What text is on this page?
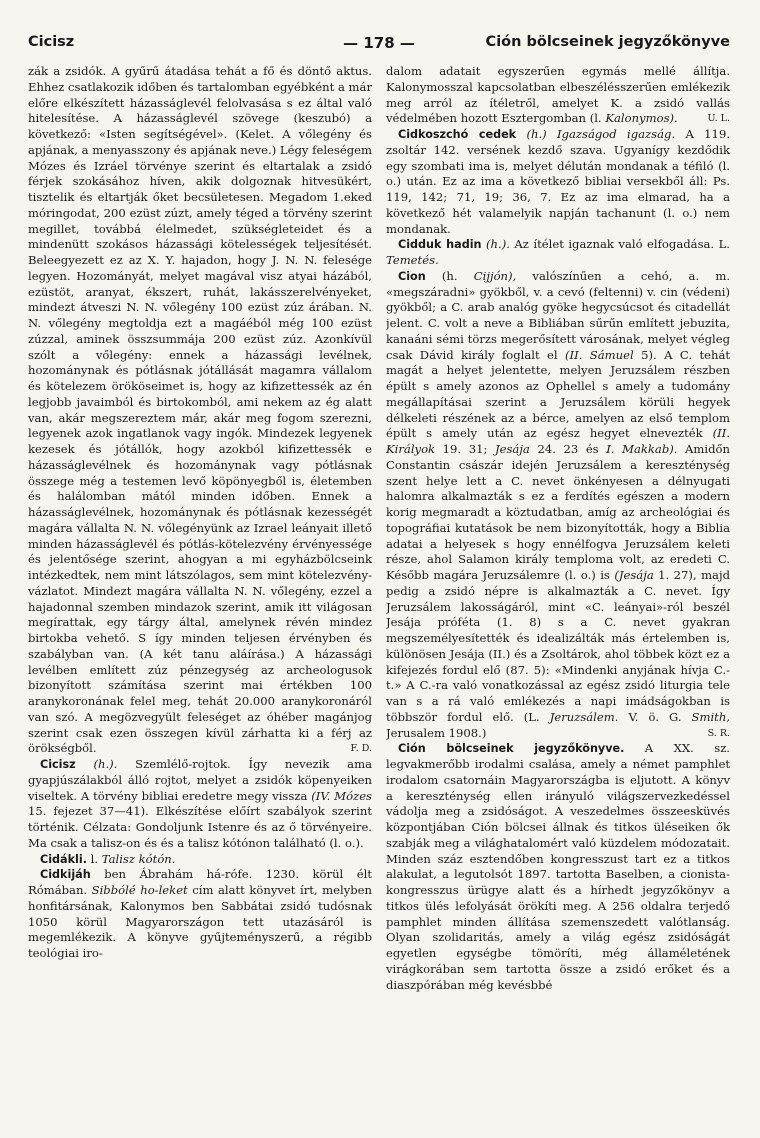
Cicisz	— 178 —	Ción bölcseinek jegyzőkönyve

zák a zsidók. A gyűrű átadása tehát a fő és döntő aktus. Ehhez csatlakozik időben és tartalomban egyébként a már előre elkészített házasságlevél felolvasása s ez által való hitelesítése. A házasságlevél szövege (keszubó) a következő: «Isten segítségével». (Kelet. A vőlegény és apjának, a menyasszony és apjának neve.) Légy feleségem Mózes és Izráel törvénye szerint és eltartalak a zsidó férjek szokásához híven, akik dolgoznak hitvesükért, tisztelik és eltartják őket becsületesen. Megadom 1.eked móringodat, 200 ezüst zúzt, amely téged a törvény szerint megillet, továbbá élelmedet, szükségleteidet és a mindenütt szokásos házassági kötelességek teljesítését. Beleegyezett ez az X. Y. hajadon, hogy J. N. N. felesége legyen. Hozományát, melyet magával visz atyai házából, ezüstöt, aranyat, ékszert, ruhát, lakásszerelvényeket, mindezt átveszi N. N. vőlegény 100 ezüst zúz árában. N. N. vőlegény megtoldja ezt a magáéból még 100 ezüst zúzzal, aminek összsummája 200 ezüst zúz. Azonkívül szólt a vőlegény: ennek a házassági levélnek, hozománynak és pótlásnak jótállását magamra vállalom és kötelezem örököseimet is, hogy az kifizettessék az én legjobb javaimból és birtokomból, ami nekem az ég alatt van, akár megszereztem már, akár meg fogom szerezni, legyenek azok ingatlanok vagy ingók. Mindezek legyenek kezesek és jótállók, hogy azokból kifizettessék e házasságlevélnek és hozománynak vagy pótlásnak összege még a testemen levő köpönyegből is, életemben és halálomban mától minden időben. Ennek a házasságlevélnek, hozománynak és pótlásnak kezességét magára vállalta N. N. vőlegényünk az Izrael leányait illető minden házasságlevél és pótlás-kötelezvény érvényessége és jelentősége szerint, ahogyan a mi egyházbölcseink intézkedtek, nem mint látszólagos, sem mint kötelezvény-vázlatot. Mindezt magára vállalta N. N. vőlegény, ezzel a hajadonnal szemben mindazok szerint, amik itt világosan megírattak, egy tárgy által, amelynek révén mindez birtokba vehető. S így minden teljesen érvényben és szabályban van. (A két tanu aláírása.) A házassági levélben említett zúz pénzegység az archeologusok bizonyított számítása szerint mai értékben 100 aranykoronának felel meg, tehát 20.000 aranykoronáról van szó. A megözvegyült feleséget az óhéber magánjog szerint csak ezen összegen kívül zárhatta ki a férj az örökségből.	F. D.

Cicisz (h.). Szemlélő-rojtok. Így nevezik ama gyapjúszálakból álló rojtot, melyet a zsidók köpenyeiken viseltek. A törvény bibliai eredetre megy vissza (IV. Mózes 15. fejezet 37—41). Elkészítése előírt szabályok szerint történik. Célzata: Gondoljunk Istenre és az ő törvényeire. Ma csak a talisz-on és és a talisz kótónon található (l. o.).

Cidákli. l. Talisz kótón.

Cidkijáh ben Ábrahám há-rófe. 1230. körül élt Rómában. Sibbólé ho-leket cím alatt könyvet írt, melyben honfitársának, Kalonymos ben Sabbátai zsidó tudósnak 1050 körül Magyarországon tett utazásáról is megemlékezik. A könyve gyűjteményszerű, a régibb teológiai iro-

dalom adatait egyszerűen egymás mellé állítja. Kalonymosszal kapcsolatban elbeszélésszerűen emlékezik meg arról az ítéletről, amelyet K. a zsidó vallás védelmében hozott Esztergomban (l. Kalonymos).	U. L.

Cidkoszchó cedek (h.) Igazságod igazság. A 119. zsoltár 142. versének kezdő szava. Ugyanígy kezdődik egy szombati ima is, melyet délután mondanak a téfiló (l. o.) után. Ez az ima a következő bibliai versekből áll: Ps. 119, 142; 71, 19; 36, 7. Ez az ima elmarad, ha a következő hét valamelyik napján tachanunt (l. o.) nem mondanak.

Cidduk hadin (h.). Az ítélet igaznak való elfogadása. L. Temetés.

Cion (h. Cijjón), valószínűen a cehó, a. m. «megszáradni» gyökből, v. a cevó (feltenni) v. cin (védeni) gyökből; a C. arab analóg gyöke hegycsúcsot és citadellát jelent. C. volt a neve a Bibliában sűrűn említett jebuzita, kanaáni sémi törzs megerősített városának, melyet végleg csak Dávid király foglalt el (II. Sámuel 5). A C. tehát magát a helyet jelentette, melyen Jeruzsálem részben épült s amely azonos az Ophellel s amely a tudomány megállapításai szerint a Jeruzsálem körüli hegyek délkeleti részének az a bérce, amelyen az első templom épült s amely után az egész hegyet elnevezték (II. Királyok 19. 31; Jesája 24. 23 és I. Makkab). Amidőn Constantin császár idején Jeruzsálem a kereszténység szent helye lett a C. nevet önkényesen a délnyugati halomra alkalmazták s ez a ferdítés egészen a modern korig megmaradt a köztudatban, amíg az archeológiai és topográfiai kutatások be nem bizonyították, hogy a Biblia adatai a helyesek s hogy ennélfogva Jeruzsálem keleti része, ahol Salamon király temploma volt, az eredeti C. Később magára Jeruzsálemre (l. o.) is (Jesája 1. 27), majd pedig a zsidó népre is alkalmazták a C. nevet. Így Jeruzsálem lakosságáról, mint «C. leányai»-ról beszél Jesája próféta (1. 8) s a C. nevet gyakran megszemélyesítették és idealizálták más értelemben is, különösen Jesája (II.) és a Zsoltárok, ahol többek közt ez a kifejezés fordul elő (87. 5): «Mindenki anyjának hívja C.-t.» A C.-ra való vonatkozással az egész zsidó liturgia tele van s a rá való emlékezés a napi imádságokban is többször fordul elő. (L. Jeruzsálem. V. ö. G. Smith, Jerusalem 1908.)	S. R.

Ción bölcseinek jegyzőkönyve. A XX. sz. legvakmerőbb irodalmi csalása, amely a német pamphlet irodalom csatornáin Magyarországba is eljutott. A könyv a kereszténység ellen irányuló világszervezkedéssel vádolja meg a zsidóságot. A veszedelmes összeesküvés központjában Ción bölcsei állnak és titkos üléseiken ők szabják meg a világhatalomért való küzdelem módozatait. Minden száz esztendőben kongresszust tart ez a titkos alakulat, a legutolsót 1897. tartotta Baselben, a cionista-kongresszus ürügye alatt és a hírhedt jegyzőkönyv a titkos ülés lefolyását örökíti meg. A 256 oldalra terjedő pamphlet minden állítása szemenszedett valótlanság. Olyan szolidaritás, amely a világ egész zsidóságát egyetlen egységbe tömöríti, még államéletének virágkorában sem tartotta össze a zsidó erőket és a diaszpórában még kevésbbé
